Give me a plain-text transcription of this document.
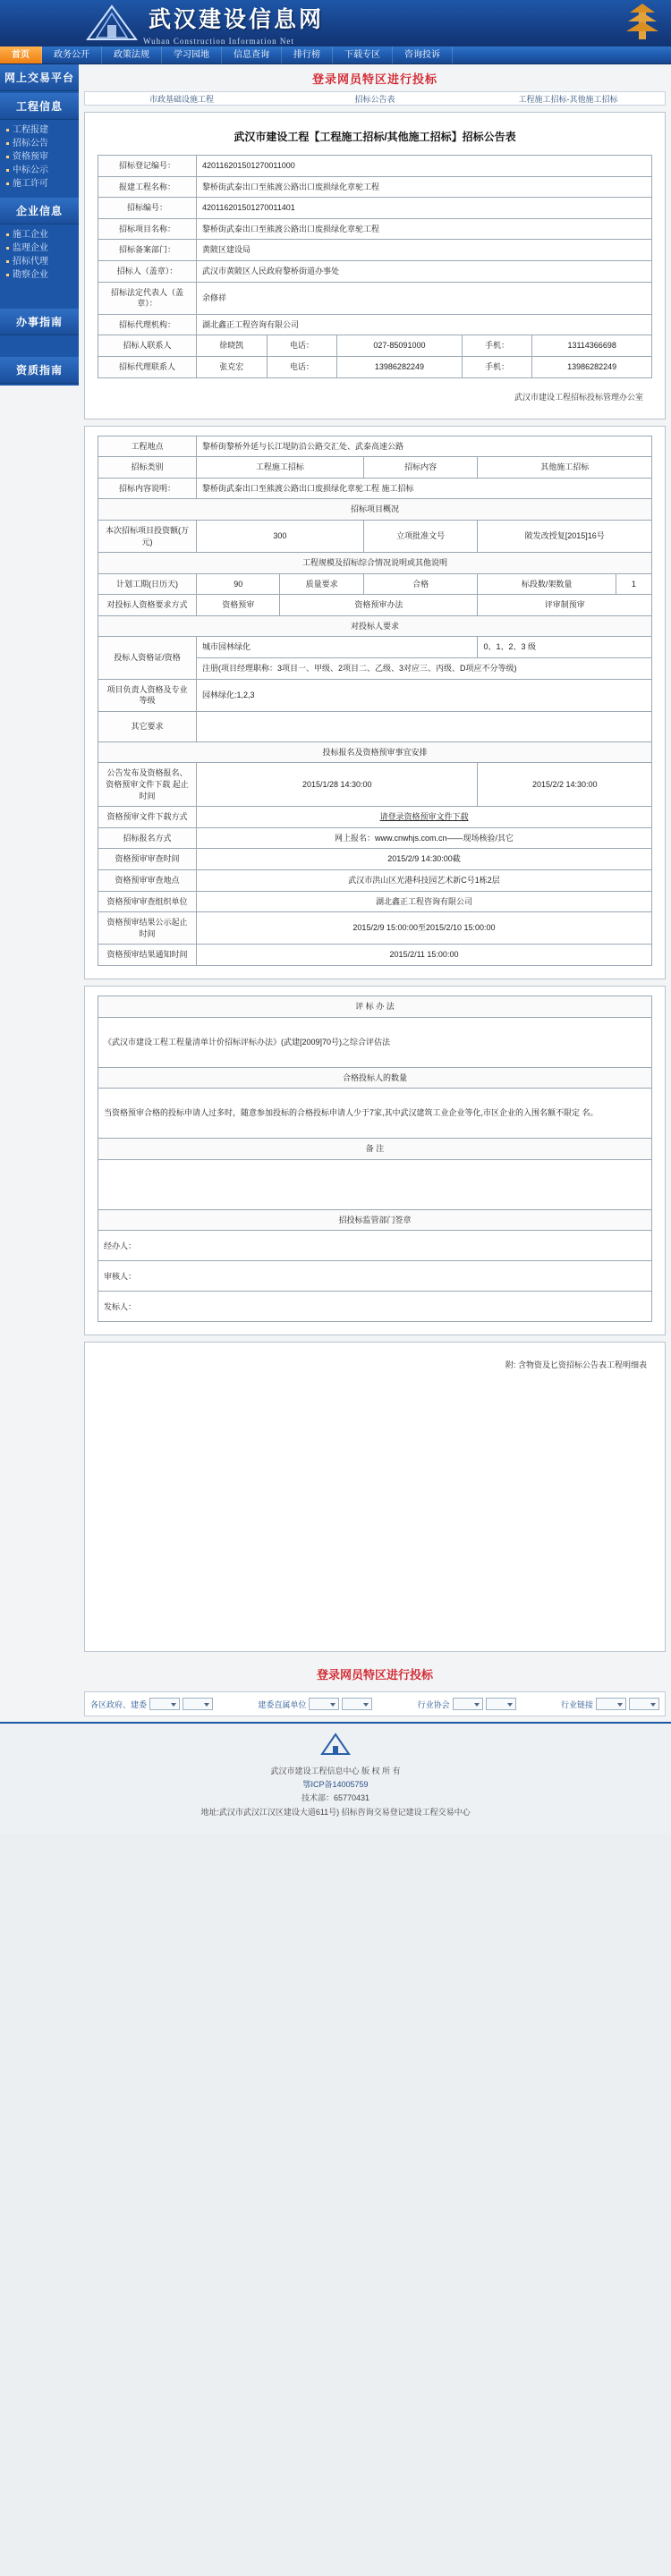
武汉建设信息网
Wuhan Construction Information Net
首页	政务公开	政策法规	学习园地	信息查询	排行榜	下载专区	咨询投诉
网上交易平台
工程信息
工程报建
招标公告
资格预审
中标公示
施工许可
企业信息
施工企业
监理企业
招标代理
勘察企业
办事指南
资质指南
登录网员特区进行投标
市政基础设施工程	招标公告表	工程施工招标-其他施工招标
武汉市建设工程【工程施工招标/其他施工招标】招标公告表
招标登记编号：	420116201501270011000				
报建工程名称：	黎桥街武泰出口至熊渡公路出口废损绿化章驼工程				
招标编号：	420116201501270011401				
招标项目名称：	黎桥街武泰出口至熊渡公路出口废损绿化章驼工程				
招标备案部门：	黄陂区建设局				
招标人（盖章）：	武汉市黄陂区人民政府黎桥街道办事处				
招标法定代表人（盖章）：	余修祥				
招标代理机构：	湖北鑫正工程咨询有限公司				
招标人联系人	徐晓凯	电话：	027-85091000	手机：	13114366698
招标代理联系人	张克宏	电话：	13986282249	手机：	13986282249
武汉市建设工程招标投标管理办公室
工程地点	黎桥街黎桥外延与长江堤防沿公路交汇处、武泰高速公路				
招标类别	工程施工招标		招标内容	其他施工招标	
招标内容说明：	黎桥街武泰出口至熊渡公路出口废损绿化章驼工程 施工招标				
招标项目概况					
本次招标项目投资额(万元)	300		立项批准文号	陂发改授复[2015]16号	
工程规模及招标综合情况说明或其他说明					
计划工期(日历天)	90	质量要求	合格	标段数/架数量	1
对投标人资格要求方式	资格预审	资格预审办法		评审制预审	
对投标人要求					
投标人资格证/资格	城市园林绿化			0、1、2、3 级	
	注册(项目经理职称：3项目一、甲级、2项目二、乙级、3对应三、丙级、D项应不分等级)				
项目负责人资格及专业等级	园林绿化:1,2,3				
其它要求					
投标报名及资格预审事宜安排					
公告发布及资格报名、资格预审文件下载 起止时间	2015/1/28 14:30:00			2015/2/2 14:30:00	
资格预审文件下载方式	请登录资格预审文件下载				
招标报名方式	网上报名：www.cnwhjs.com.cn——现场核验/其它				
资格预审审查时间	2015/2/9 14:30:00截				
资格预审审查地点	武汉市洪山区光港科技园艺术新C号1栋2层				
资格预审审查组织单位	湖北鑫正工程咨询有限公司				
资格预审结果公示起止时间	2015/2/9 15:00:00至2015/2/10 15:00:00				
资格预审结果通知时间	2015/2/11 15:00:00				
评 标 办 法
《武汉市建设工程工程量清单计价招标评标办法》(武建[2009]70号)之综合评估法
合格投标人的数量
当资格预审合格的投标申请人过多时，随意参加投标的合格投标申请人少于7家,其中武汉建筑工业企业等化,市区企业的入围名额不限定 名。
备 注

招投标监管部门签章
经办人：
审核人：
发标人：
附: 含物资及匕资招标公告表工程明细表
登录网员特区进行投标
各区政府、建委	建委直属单位	行业协会	行业链接
武汉市建设工程信息中心 版 权 所 有
鄂ICP备14005759
技术部：65770431
地址:武汉市武汉江汉区建设大道611号) 招标咨询交易登记建设工程交易中心
